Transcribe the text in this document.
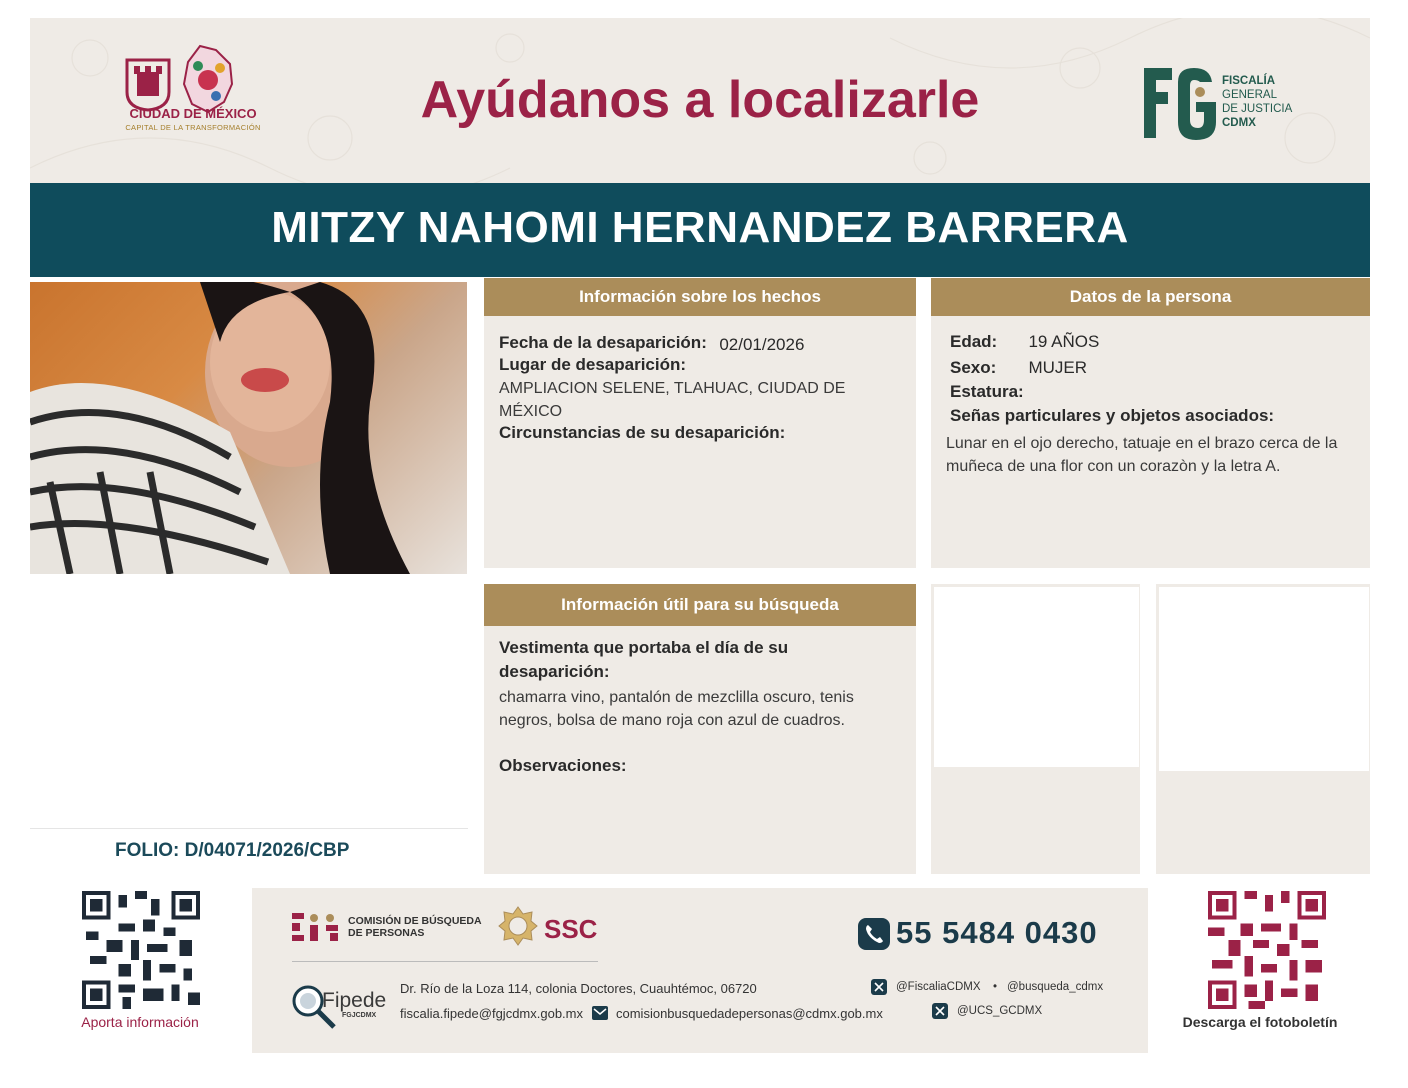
CIUDAD DE MÉXICO
CAPITAL DE LA TRANSFORMACIÓN	Ayúdanos a localizarle	FISCALÍA
GENERAL
DE JUSTICIA
CDMX
MITZY NAHOMI HERNANDEZ BARRERA
Información sobre los hechos
Fecha de la desaparición: 02/01/2026
Lugar de desaparición:
AMPLIACION SELENE, TLAHUAC, CIUDAD DE MÉXICO
Circunstancias de su desaparición:
Datos de la persona
Edad: 19 AÑOS
Sexo: MUJER
Estatura:
Señas particulares y objetos asociados:
Lunar en el ojo derecho, tatuaje en el brazo cerca de la muñeca de una flor con un corazòn y la letra A.
Información útil para su búsqueda
Vestimenta que portaba el día de su desaparición:
chamarra vino, pantalón de mezclilla oscuro, tenis negros, bolsa de mano roja con azul de cuadros.
Observaciones:
FOLIO: D/04071/2026/CBP
Aporta información	Descarga el fotoboletín
COMISIÓN DE BÚSQUEDA DE PERSONAS	SSC	55 5484 0430
Fipede
FGJCDMX
Dr. Río de la Loza 114, colonia Doctores, Cuauhtémoc, 06720
fiscalia.fipede@fgjcdmx.gob.mx	comisionbusquedadepersonas@cdmx.gob.mx
@FiscaliaCDMX • @busqueda_cdmx
@UCS_GCDMX
